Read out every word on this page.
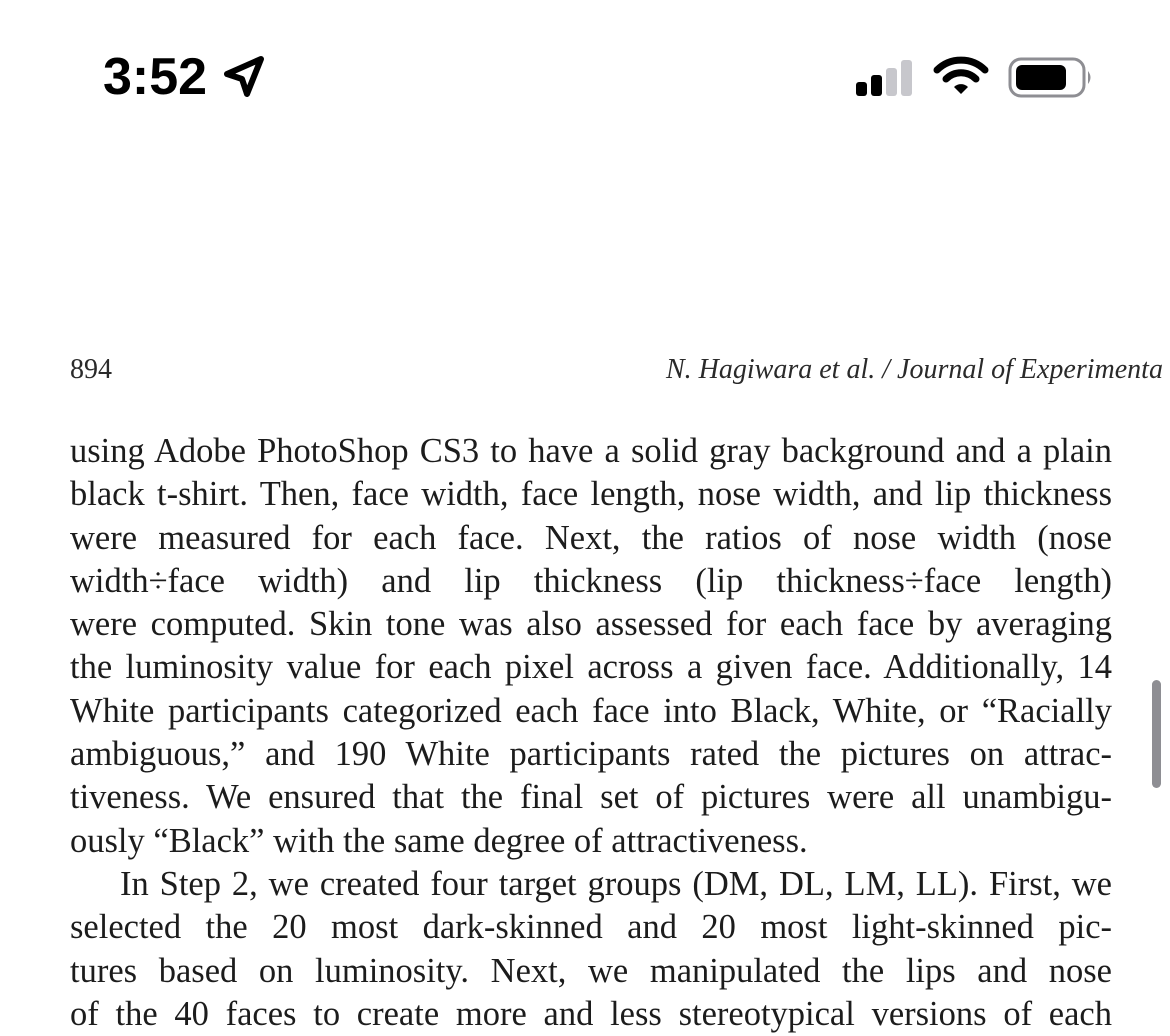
3:52
894	N. Hagiwara et al. / Journal of Experimenta

using Adobe PhotoShop CS3 to have a solid gray background and a plain
black t-shirt. Then, face width, face length, nose width, and lip thickness
were measured for each face. Next, the ratios of nose width (nose
width÷face width) and lip thickness (lip thickness÷face length)
were computed. Skin tone was also assessed for each face by averaging
the luminosity value for each pixel across a given face. Additionally, 14
White participants categorized each face into Black, White, or “Racially
ambiguous,” and 190 White participants rated the pictures on attrac-
tiveness. We ensured that the final set of pictures were all unambigu-
ously “Black” with the same degree of attractiveness.

In Step 2, we created four target groups (DM, DL, LM, LL). First, we
selected the 20 most dark-skinned and 20 most light-skinned pic-
tures based on luminosity. Next, we manipulated the lips and nose
of the 40 faces to create more and less stereotypical versions of each
